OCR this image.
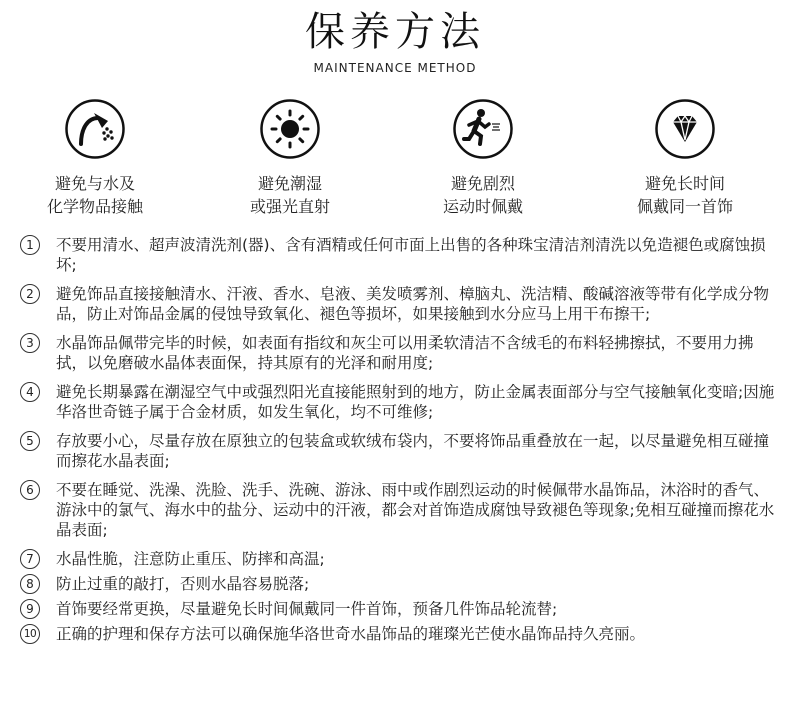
保养方法
MAINTENANCE METHOD
避免与水及
化学物品接触
避免潮湿
或强光直射
避免剧烈
运动时佩戴
避免长时间
佩戴同一首饰
1	不要用清水、超声波清洗剂(器)、含有酒精或任何市面上出售的各种珠宝清洁剂清洗以免造褪色或腐蚀损坏;
2	避免饰品直接接触清水、汗液、香水、皂液、美发喷雾剂、樟脑丸、洗洁精、酸碱溶液等带有化学成分物品，防止对饰品金属的侵蚀导致氧化、褪色等损坏，如果接触到水分应马上用干布擦干;
3	水晶饰品佩带完毕的时候，如表面有指纹和灰尘可以用柔软清洁不含绒毛的布料轻拂擦拭，不要用力拂拭，以免磨破水晶体表面保，持其原有的光泽和耐用度;
4	避免长期暴露在潮湿空气中或强烈阳光直接能照射到的地方，防止金属表面部分与空气接触氧化变暗;因施华洛世奇链子属于合金材质，如发生氧化，均不可维修;
5	存放要小心，尽量存放在原独立的包装盒或软绒布袋内，不要将饰品重叠放在一起，以尽量避免相互碰撞而擦花水晶表面;
6	不要在睡觉、洗澡、洗脸、洗手、洗碗、游泳、雨中或作剧烈运动的时候佩带水晶饰品，沐浴时的香气、游泳中的氯气、海水中的盐分、运动中的汗液，都会对首饰造成腐蚀导致褪色等现象;免相互碰撞而擦花水晶表面;
7	水晶性脆，注意防止重压、防摔和高温;
8	防止过重的敲打，否则水晶容易脱落;
9	首饰要经常更换，尽量避免长时间佩戴同一件首饰，预备几件饰品轮流替;
10 正确的护理和保存方法可以确保施华洛世奇水晶饰品的璀璨光芒使水晶饰品持久亮丽。
